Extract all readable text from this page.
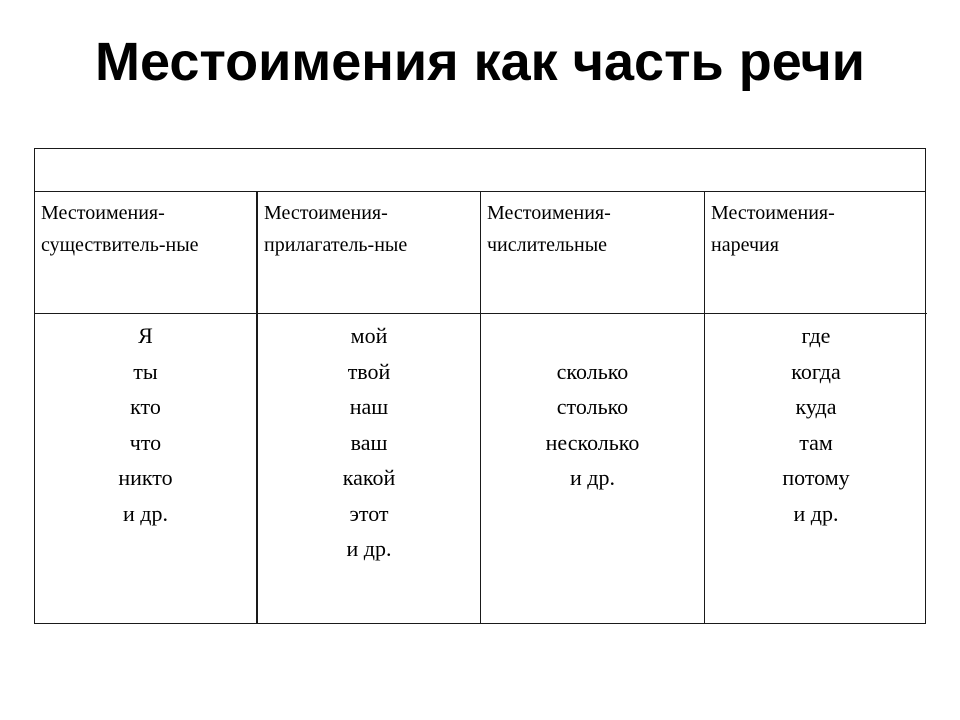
Местоимения как часть речи
Местоимения-
существитель-ные
Я
ты
кто
что
никто
и др.
Местоимения-
прилагатель-ные
мой
твой
наш
ваш
какой
этот
и др.
Местоимения-
числительные
сколько
столько
несколько
и др.
Местоимения-
наречия
где
когда
куда
там
потому
и др.
